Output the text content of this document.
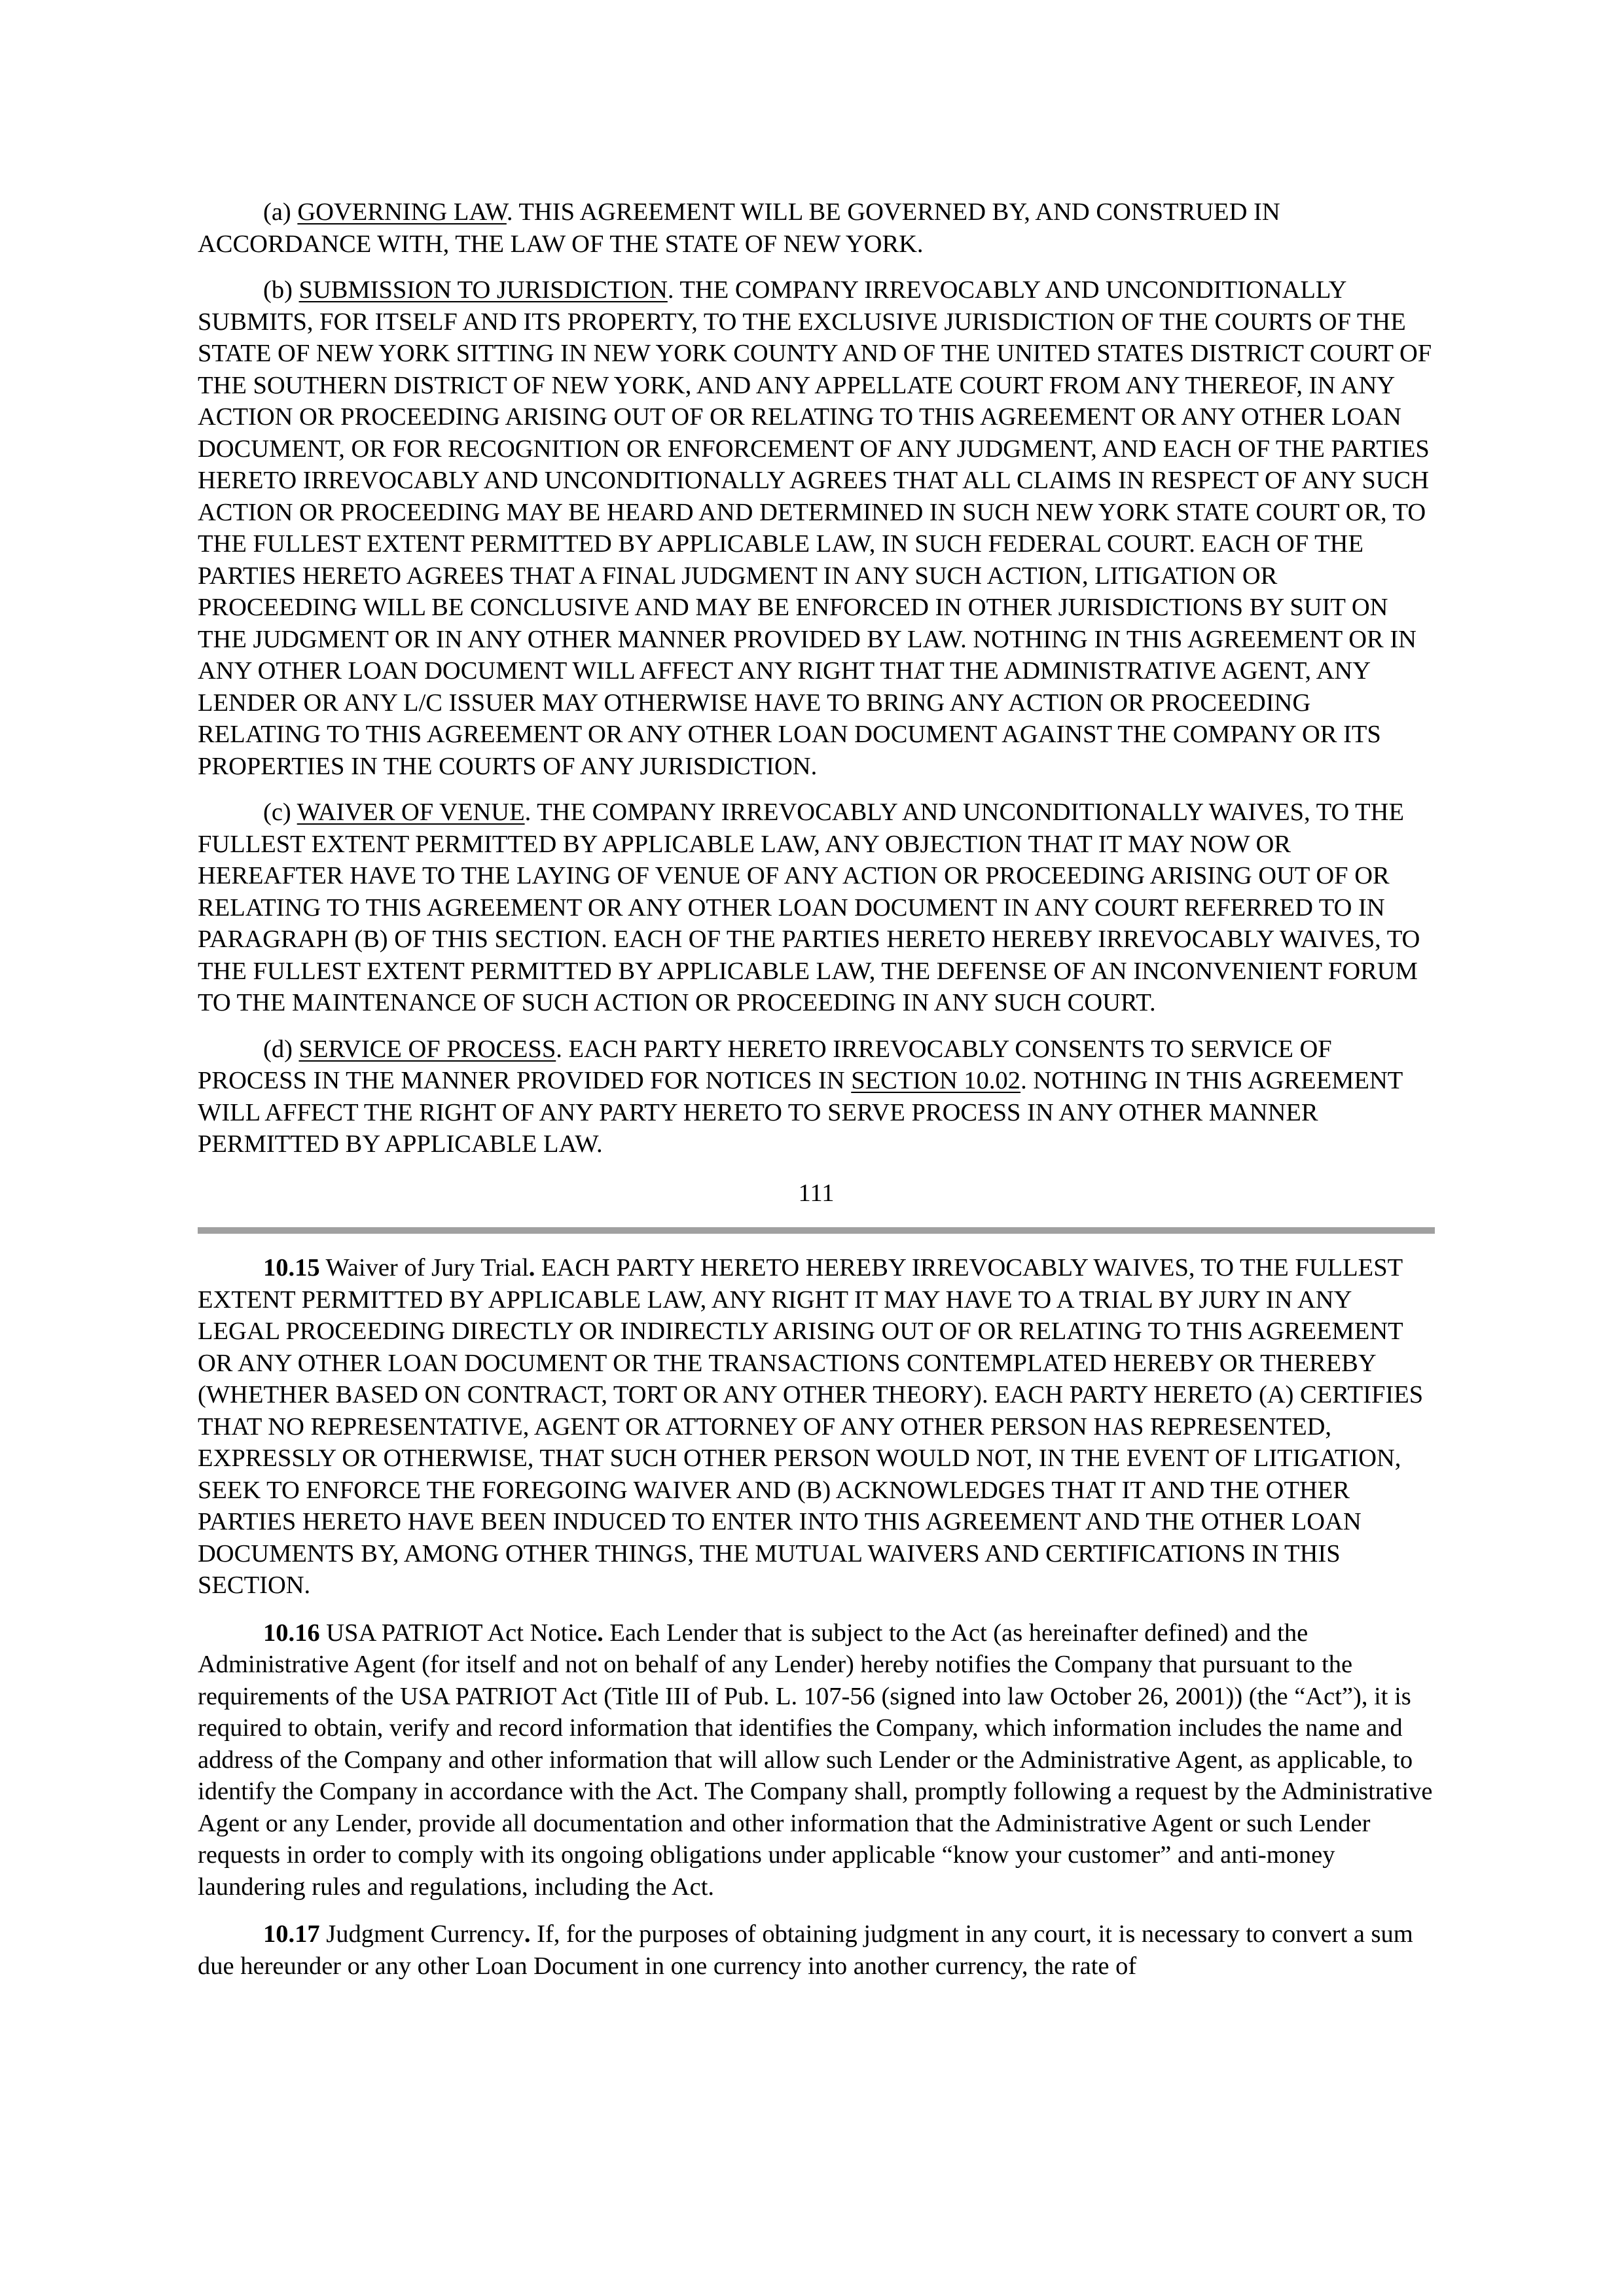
(a) GOVERNING LAW. THIS AGREEMENT WILL BE GOVERNED BY, AND CONSTRUED IN ACCORDANCE WITH, THE LAW OF THE STATE OF NEW YORK.

(b) SUBMISSION TO JURISDICTION. THE COMPANY IRREVOCABLY AND UNCONDITIONALLY SUBMITS, FOR ITSELF AND ITS PROPERTY, TO THE EXCLUSIVE JURISDICTION OF THE COURTS OF THE STATE OF NEW YORK SITTING IN NEW YORK COUNTY AND OF THE UNITED STATES DISTRICT COURT OF THE SOUTHERN DISTRICT OF NEW YORK, AND ANY APPELLATE COURT FROM ANY THEREOF, IN ANY ACTION OR PROCEEDING ARISING OUT OF OR RELATING TO THIS AGREEMENT OR ANY OTHER LOAN DOCUMENT, OR FOR RECOGNITION OR ENFORCEMENT OF ANY JUDGMENT, AND EACH OF THE PARTIES HERETO IRREVOCABLY AND UNCONDITIONALLY AGREES THAT ALL CLAIMS IN RESPECT OF ANY SUCH ACTION OR PROCEEDING MAY BE HEARD AND DETERMINED IN SUCH NEW YORK STATE COURT OR, TO THE FULLEST EXTENT PERMITTED BY APPLICABLE LAW, IN SUCH FEDERAL COURT. EACH OF THE PARTIES HERETO AGREES THAT A FINAL JUDGMENT IN ANY SUCH ACTION, LITIGATION OR PROCEEDING WILL BE CONCLUSIVE AND MAY BE ENFORCED IN OTHER JURISDICTIONS BY SUIT ON THE JUDGMENT OR IN ANY OTHER MANNER PROVIDED BY LAW. NOTHING IN THIS AGREEMENT OR IN ANY OTHER LOAN DOCUMENT WILL AFFECT ANY RIGHT THAT THE ADMINISTRATIVE AGENT, ANY LENDER OR ANY L/C ISSUER MAY OTHERWISE HAVE TO BRING ANY ACTION OR PROCEEDING RELATING TO THIS AGREEMENT OR ANY OTHER LOAN DOCUMENT AGAINST THE COMPANY OR ITS PROPERTIES IN THE COURTS OF ANY JURISDICTION.

(c) WAIVER OF VENUE. THE COMPANY IRREVOCABLY AND UNCONDITIONALLY WAIVES, TO THE FULLEST EXTENT PERMITTED BY APPLICABLE LAW, ANY OBJECTION THAT IT MAY NOW OR HEREAFTER HAVE TO THE LAYING OF VENUE OF ANY ACTION OR PROCEEDING ARISING OUT OF OR RELATING TO THIS AGREEMENT OR ANY OTHER LOAN DOCUMENT IN ANY COURT REFERRED TO IN PARAGRAPH (B) OF THIS SECTION. EACH OF THE PARTIES HERETO HEREBY IRREVOCABLY WAIVES, TO THE FULLEST EXTENT PERMITTED BY APPLICABLE LAW, THE DEFENSE OF AN INCONVENIENT FORUM TO THE MAINTENANCE OF SUCH ACTION OR PROCEEDING IN ANY SUCH COURT.

(d) SERVICE OF PROCESS. EACH PARTY HERETO IRREVOCABLY CONSENTS TO SERVICE OF PROCESS IN THE MANNER PROVIDED FOR NOTICES IN SECTION 10.02. NOTHING IN THIS AGREEMENT WILL AFFECT THE RIGHT OF ANY PARTY HERETO TO SERVE PROCESS IN ANY OTHER MANNER PERMITTED BY APPLICABLE LAW.

111

10.15 Waiver of Jury Trial. EACH PARTY HERETO HEREBY IRREVOCABLY WAIVES, TO THE FULLEST EXTENT PERMITTED BY APPLICABLE LAW, ANY RIGHT IT MAY HAVE TO A TRIAL BY JURY IN ANY LEGAL PROCEEDING DIRECTLY OR INDIRECTLY ARISING OUT OF OR RELATING TO THIS AGREEMENT OR ANY OTHER LOAN DOCUMENT OR THE TRANSACTIONS CONTEMPLATED HEREBY OR THEREBY (WHETHER BASED ON CONTRACT, TORT OR ANY OTHER THEORY). EACH PARTY HERETO (A) CERTIFIES THAT NO REPRESENTATIVE, AGENT OR ATTORNEY OF ANY OTHER PERSON HAS REPRESENTED, EXPRESSLY OR OTHERWISE, THAT SUCH OTHER PERSON WOULD NOT, IN THE EVENT OF LITIGATION, SEEK TO ENFORCE THE FOREGOING WAIVER AND (B) ACKNOWLEDGES THAT IT AND THE OTHER PARTIES HERETO HAVE BEEN INDUCED TO ENTER INTO THIS AGREEMENT AND THE OTHER LOAN DOCUMENTS BY, AMONG OTHER THINGS, THE MUTUAL WAIVERS AND CERTIFICATIONS IN THIS SECTION.

10.16 USA PATRIOT Act Notice. Each Lender that is subject to the Act (as hereinafter defined) and the Administrative Agent (for itself and not on behalf of any Lender) hereby notifies the Company that pursuant to the requirements of the USA PATRIOT Act (Title III of Pub. L. 107-56 (signed into law October 26, 2001)) (the “Act”), it is required to obtain, verify and record information that identifies the Company, which information includes the name and address of the Company and other information that will allow such Lender or the Administrative Agent, as applicable, to identify the Company in accordance with the Act. The Company shall, promptly following a request by the Administrative Agent or any Lender, provide all documentation and other information that the Administrative Agent or such Lender requests in order to comply with its ongoing obligations under applicable “know your customer” and anti-money laundering rules and regulations, including the Act.

10.17 Judgment Currency. If, for the purposes of obtaining judgment in any court, it is necessary to convert a sum due hereunder or any other Loan Document in one currency into another currency, the rate of
